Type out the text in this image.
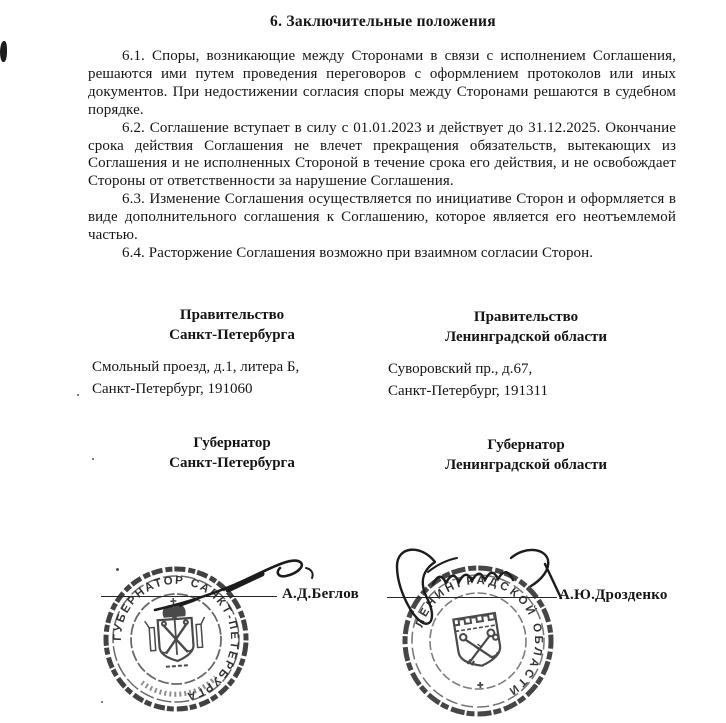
6. Заключительные положения

6.1. Споры, возникающие между Сторонами в связи с исполнением Соглашения, решаются ими путем проведения переговоров с оформлением протоколов или иных документов. При недостижении согласия споры между Сторонами решаются в судебном порядке.

6.2. Соглашение вступает в силу с 01.01.2023 и действует до 31.12.2025. Окончание срока действия Соглашения не влечет прекращения обязательств, вытекающих из Соглашения и не исполненных Стороной в течение срока его действия, и не освобождает Стороны от ответственности за нарушение Соглашения.

6.3. Изменение Соглашения осуществляется по инициативе Сторон и оформляется в виде дополнительного соглашения к Соглашению, которое является его неотъемлемой частью.

6.4. Расторжение Соглашения возможно при взаимном согласии Сторон.

Правительство
Санкт-Петербурга
Правительство
Ленинградской области
Смольный проезд, д.1, литера Б,
Санкт-Петербург, 191060
Суворовский пр., д.67,
Санкт-Петербург, 191311
Губернатор
Санкт-Петербурга
Губернатор
Ленинградской области
ГУБЕРНАТОР САНКТ-ПЕТЕРБУРГА
ЛЕНИНГРАДСКОЙ ОБЛАСТИ
А.Д.Беглов	А.Ю.Дрозденко
